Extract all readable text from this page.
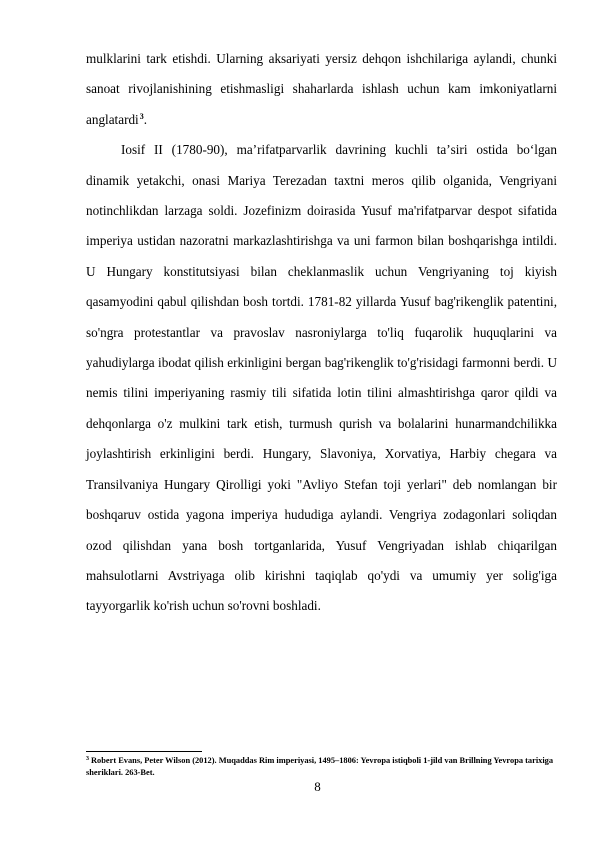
mulklarini tark etishdi. Ularning aksariyati yersiz dehqon ishchilariga aylandi, chunki sanoat rivojlanishining etishmasligi shaharlarda ishlash uchun kam imkoniyatlarni anglatardi$^3$.

Iosif II (1780-90), maʼrifatparvarlik davrining kuchli taʼsiri ostida boʻlgan dinamik yetakchi, onasi Mariya Terezadan taxtni meros qilib olganida, Vengriyani notinchlikdan larzaga soldi. Jozefinizm doirasida Yusuf ma'rifatparvar despot sifatida imperiya ustidan nazoratni markazlashtirishga va uni farmon bilan boshqarishga intildi. U Hungary konstitutsiyasi bilan cheklanmaslik uchun Vengriyaning toj kiyish qasamyodini qabul qilishdan bosh tortdi. 1781-82 yillarda Yusuf bag'rikenglik patentini, so'ngra protestantlar va pravoslav nasroniylarga to'liq fuqarolik huquqlarini va yahudiylarga ibodat qilish erkinligini bergan bag'rikenglik to'g'risidagi farmonni berdi. U nemis tilini imperiyaning rasmiy tili sifatida lotin tilini almashtirishga qaror qildi va dehqonlarga o'z mulkini tark etish, turmush qurish va bolalarini hunarmandchilikka joylashtirish erkinligini berdi. Hungary, Slavoniya, Xorvatiya, Harbiy chegara va Transilvaniya Hungary Qirolligi yoki "Avliyo Stefan toji yerlari" deb nomlangan bir boshqaruv ostida yagona imperiya hududiga aylandi. Vengriya zodagonlari soliqdan ozod qilishdan yana bosh tortganlarida, Yusuf Vengriyadan ishlab chiqarilgan mahsulotlarni Avstriyaga olib kirishni taqiqlab qo'ydi va umumiy yer solig'iga tayyorgarlik ko'rish uchun so'rovni boshladi.

$^3$ Robert Evans, Peter Wilson (2012). Muqaddas Rim imperiyasi, 1495–1806: Yevropa istiqboli 1-jild van Brillning Yevropa tarixiga sheriklari. 263-Bet.

8
